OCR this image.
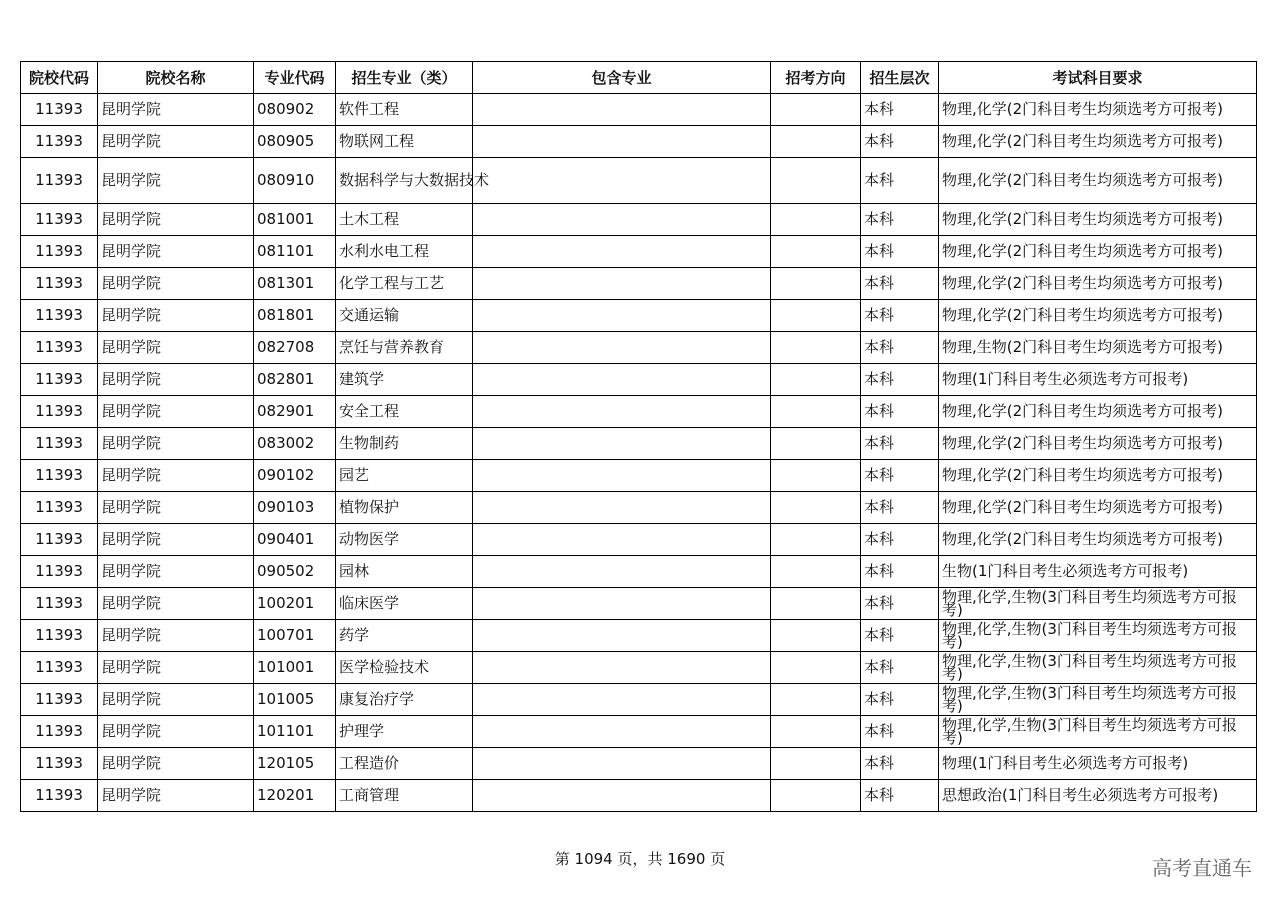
院校代码	院校名称	专业代码	招生专业（类）	包含专业	招考方向	招生层次	考试科目要求
11393	昆明学院	080902	软件工程			本科	物理,化学(2门科目考生均须选考方可报考)
11393	昆明学院	080905	物联网工程			本科	物理,化学(2门科目考生均须选考方可报考)
11393	昆明学院	080910	数据科学与大数据技术			本科	物理,化学(2门科目考生均须选考方可报考)
11393	昆明学院	081001	土木工程			本科	物理,化学(2门科目考生均须选考方可报考)
11393	昆明学院	081101	水利水电工程			本科	物理,化学(2门科目考生均须选考方可报考)
11393	昆明学院	081301	化学工程与工艺			本科	物理,化学(2门科目考生均须选考方可报考)
11393	昆明学院	081801	交通运输			本科	物理,化学(2门科目考生均须选考方可报考)
11393	昆明学院	082708	烹饪与营养教育			本科	物理,生物(2门科目考生均须选考方可报考)
11393	昆明学院	082801	建筑学			本科	物理(1门科目考生必须选考方可报考)
11393	昆明学院	082901	安全工程			本科	物理,化学(2门科目考生均须选考方可报考)
11393	昆明学院	083002	生物制药			本科	物理,化学(2门科目考生均须选考方可报考)
11393	昆明学院	090102	园艺			本科	物理,化学(2门科目考生均须选考方可报考)
11393	昆明学院	090103	植物保护			本科	物理,化学(2门科目考生均须选考方可报考)
11393	昆明学院	090401	动物医学			本科	物理,化学(2门科目考生均须选考方可报考)
11393	昆明学院	090502	园林			本科	生物(1门科目考生必须选考方可报考)
11393	昆明学院	100201	临床医学			本科	物理,化学,生物(3门科目考生均须选考方可报考)
11393	昆明学院	100701	药学			本科	物理,化学,生物(3门科目考生均须选考方可报考)
11393	昆明学院	101001	医学检验技术			本科	物理,化学,生物(3门科目考生均须选考方可报考)
11393	昆明学院	101005	康复治疗学			本科	物理,化学,生物(3门科目考生均须选考方可报考)
11393	昆明学院	101101	护理学			本科	物理,化学,生物(3门科目考生均须选考方可报考)
11393	昆明学院	120105	工程造价			本科	物理(1门科目考生必须选考方可报考)
11393	昆明学院	120201	工商管理			本科	思想政治(1门科目考生必须选考方可报考)
第 1094 页，共 1690 页	高考直通车
